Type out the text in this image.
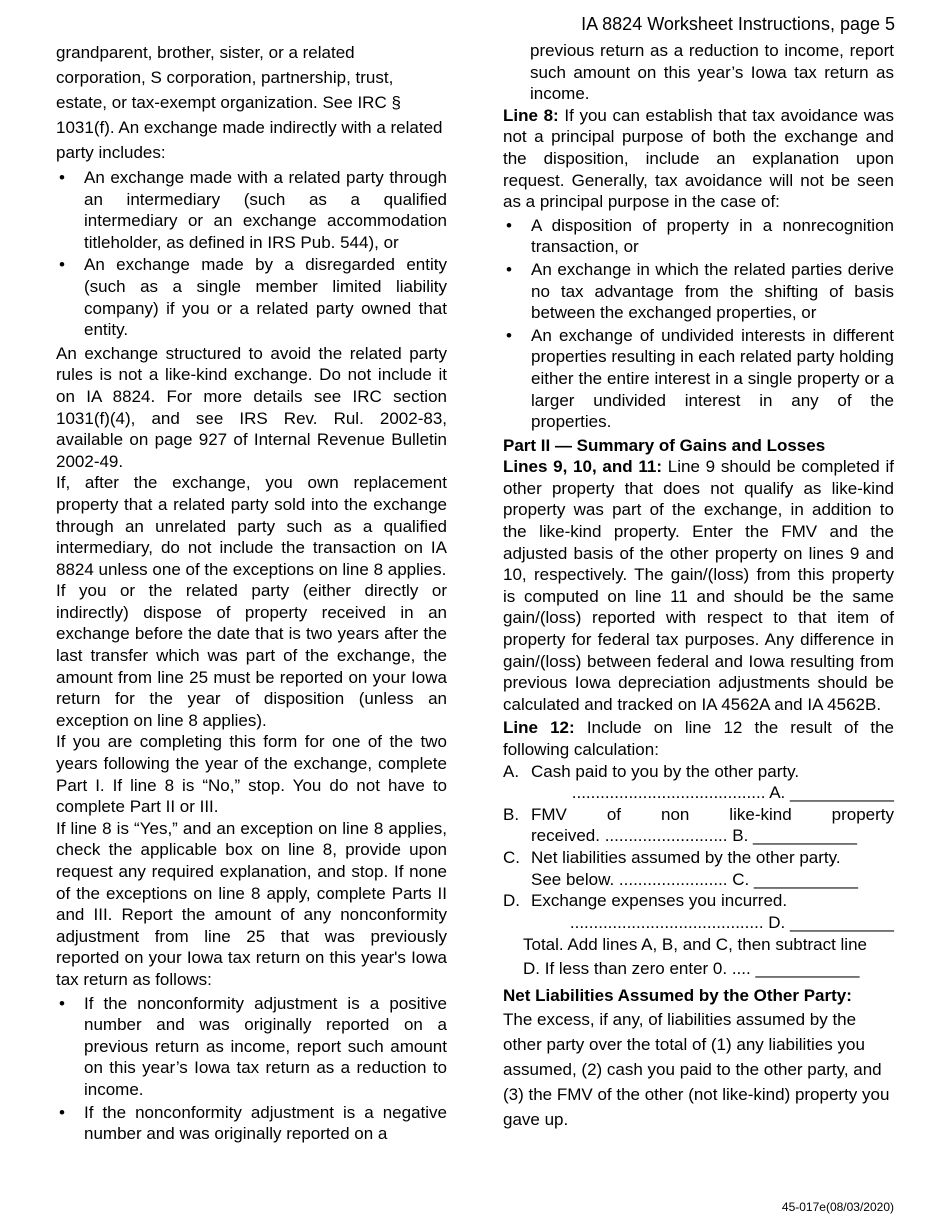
IA 8824 Worksheet Instructions, page 5

grandparent, brother, sister, or a related corporation, S corporation, partnership, trust, estate, or tax-exempt organization. See IRC § 1031(f). An exchange made indirectly with a related party includes:

• An exchange made with a related party through an intermediary (such as a qualified intermediary or an exchange accommodation titleholder, as defined in IRS Pub. 544), or
• An exchange made by a disregarded entity (such as a single member limited liability company) if you or a related party owned that entity.

An exchange structured to avoid the related party rules is not a like-kind exchange. Do not include it on IA 8824. For more details see IRC section 1031(f)(4), and see IRS Rev. Rul. 2002-83, available on page 927 of Internal Revenue Bulletin 2002-49.

If, after the exchange, you own replacement property that a related party sold into the exchange through an unrelated party such as a qualified intermediary, do not include the transaction on IA 8824 unless one of the exceptions on line 8 applies.

If you or the related party (either directly or indirectly) dispose of property received in an exchange before the date that is two years after the last transfer which was part of the exchange, the amount from line 25 must be reported on your Iowa return for the year of disposition (unless an exception on line 8 applies).

If you are completing this form for one of the two years following the year of the exchange, complete Part I. If line 8 is “No,” stop. You do not have to complete Part II or III.

If line 8 is “Yes,” and an exception on line 8 applies, check the applicable box on line 8, provide upon request any required explanation, and stop. If none of the exceptions on line 8 apply, complete Parts II and III. Report the amount of any nonconformity adjustment from line 25 that was previously reported on your Iowa tax return on this year's Iowa tax return as follows:

• If the nonconformity adjustment is a positive number and was originally reported on a previous return as income, report such amount on this year’s Iowa tax return as a reduction to income.
• If the nonconformity adjustment is a negative number and was originally reported on a

previous return as a reduction to income, report such amount on this year’s Iowa tax return as income.

Line 8: If you can establish that tax avoidance was not a principal purpose of both the exchange and the disposition, include an explanation upon request. Generally, tax avoidance will not be seen as a principal purpose in the case of:

• A disposition of property in a nonrecognition transaction, or
• An exchange in which the related parties derive no tax advantage from the shifting of basis between the exchanged properties, or
• An exchange of undivided interests in different properties resulting in each related party holding either the entire interest in a single property or a larger undivided interest in any of the properties.

Part II — Summary of Gains and Losses

Lines 9, 10, and 11: Line 9 should be completed if other property that does not qualify as like-kind property was part of the exchange, in addition to the like-kind property. Enter the FMV and the adjusted basis of the other property on lines 9 and 10, respectively. The gain/(loss) from this property is computed on line 11 and should be the same gain/(loss) reported with respect to that item of property for federal tax purposes. Any difference in gain/(loss) between federal and Iowa resulting from previous Iowa depreciation adjustments should be calculated and tracked on IA 4562A and IA 4562B.

Line 12: Include on line 12 the result of the following calculation:

A. Cash paid to you by the other party.
......................................... A. ___________
B. FMV of non like-kind property
received. .......................... B. ___________
C. Net liabilities assumed by the other party.
See below. ....................... C. ___________
D. Exchange expenses you incurred.
......................................... D. ___________
Total. Add lines A, B, and C, then subtract line
D. If less than zero enter 0. .... ___________

Net Liabilities Assumed by the Other Party:

The excess, if any, of liabilities assumed by the other party over the total of (1) any liabilities you assumed, (2) cash you paid to the other party, and (3) the FMV of the other (not like-kind) property you gave up.

45-017e(08/03/2020)
